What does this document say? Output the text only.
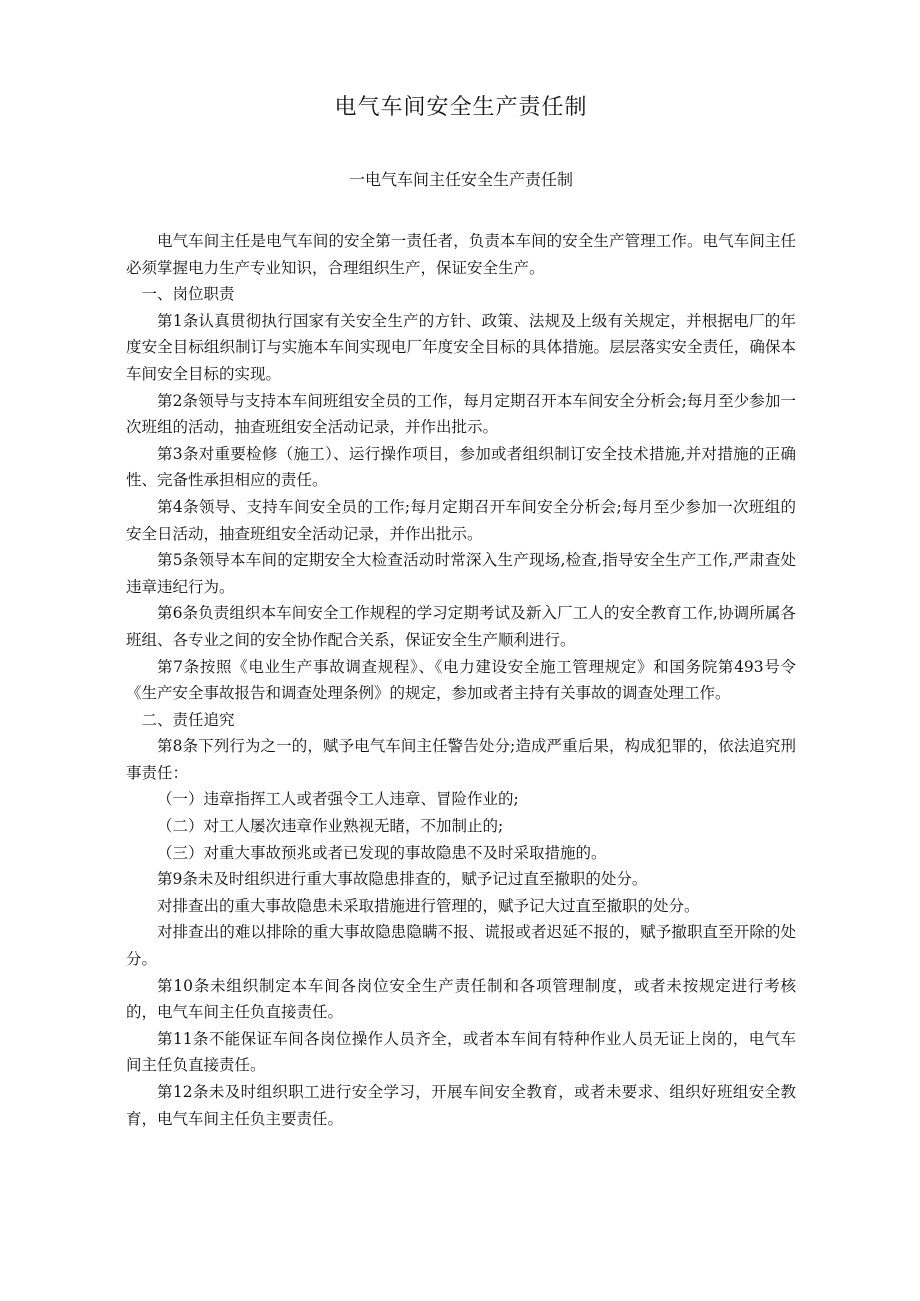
电气车间安全生产责任制
一电气车间主任安全生产责任制

电气车间主任是电气车间的安全第一责任者，负责本车间的安全生产管理工作。电气车间主任必须掌握电力生产专业知识，合理组织生产，保证安全生产。

一、岗位职责

第1条认真贯彻执行国家有关安全生产的方针、政策、法规及上级有关规定，并根据电厂的年度安全目标组织制订与实施本车间实现电厂年度安全目标的具体措施。层层落实安全责任，确保本车间安全目标的实现。

第2条领导与支持本车间班组安全员的工作，每月定期召开本车间安全分析会;每月至少参加一次班组的活动，抽查班组安全活动记录，并作出批示。

第3条对重要检修（施工）、运行操作项目，参加或者组织制订安全技术措施,并对措施的正确性、完备性承担相应的责任。

第4条领导、支持车间安全员的工作;每月定期召开车间安全分析会;每月至少参加一次班组的安全日活动，抽查班组安全活动记录，并作出批示。

第5条领导本车间的定期安全大检查活动时常深入生产现场,检查,指导安全生产工作,严肃查处违章违纪行为。

第6条负责组织本车间安全工作规程的学习定期考试及新入厂工人的安全教育工作,协调所属各班组、各专业之间的安全协作配合关系，保证安全生产顺利进行。

第7条按照《电业生产事故调查规程》、《电力建设安全施工管理规定》和国务院第493号令《生产安全事故报告和调查处理条例》的规定，参加或者主持有关事故的调查处理工作。

二、责任追究

第8条下列行为之一的，赋予电气车间主任警告处分;造成严重后果，构成犯罪的，依法追究刑事责任：

（一）违章指挥工人或者强令工人违章、冒险作业的;

（二）对工人屡次违章作业熟视无睹，不加制止的;

（三）对重大事故预兆或者已发现的事故隐患不及时采取措施的。

第9条未及时组织进行重大事故隐患排查的，赋予记过直至撤职的处分。

对排查出的重大事故隐患未采取措施进行管理的，赋予记大过直至撤职的处分。

对排查出的难以排除的重大事故隐患隐瞒不报、谎报或者迟延不报的，赋予撤职直至开除的处分。

第10条未组织制定本车间各岗位安全生产责任制和各项管理制度，或者未按规定进行考核的，电气车间主任负直接责任。

第11条不能保证车间各岗位操作人员齐全，或者本车间有特种作业人员无证上岗的，电气车间主任负直接责任。

第12条未及时组织职工进行安全学习，开展车间安全教育，或者未要求、组织好班组安全教育，电气车间主任负主要责任。
